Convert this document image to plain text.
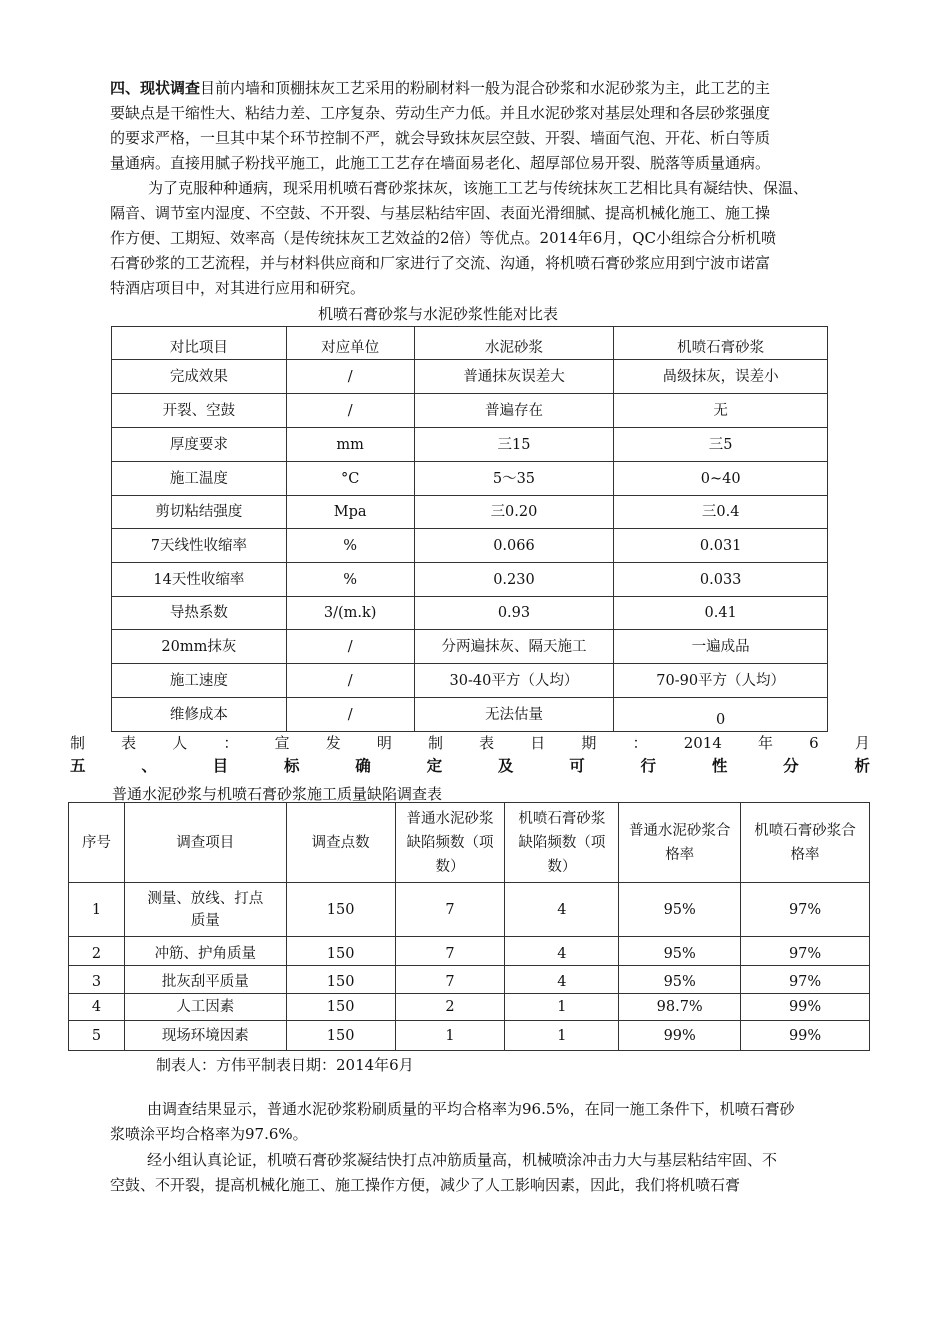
四、现状调查目前内墙和顶棚抹灰工艺采用的粉刷材料一般为混合砂浆和水泥砂浆为主，此工艺的主
要缺点是干缩性大、粘结力差、工序复杂、劳动生产力低。并且水泥砂浆对基层处理和各层砂浆强度
的要求严格，一旦其中某个环节控制不严，就会导致抹灰层空鼓、开裂、墙面气泡、开花、析白等质
量通病。直接用腻子粉找平施工，此施工工艺存在墙面易老化、超厚部位易开裂、脱落等质量通病。
为了克服种种通病，现采用机喷石膏砂浆抹灰，该施工工艺与传统抹灰工艺相比具有凝结快、保温、
隔音、调节室内湿度、不空鼓、不开裂、与基层粘结牢固、表面光滑细腻、提高机械化施工、施工操
作方便、工期短、效率高（是传统抹灰工艺效益的2倍）等优点。2014年6月，QC小组综合分析机喷
石膏砂浆的工艺流程，并与材料供应商和厂家进行了交流、沟通，将机喷石膏砂浆应用到宁波市诺富
特酒店项目中，对其进行应用和研究。
机喷石膏砂浆与水泥砂浆性能对比表
对比项目	对应单位	水泥砂浆	机喷石膏砂浆
完成效果	/	普通抹灰误差大	咼级抹灰，误差小
开裂、空鼓	/	普遍存在	无
厚度要求	mm	三15	三5
施工温度	°C	5〜35	0~40
剪切粘结强度	Mpa	三0.20	三0.4
7天线性收缩率	%	0.066	0.031
14天性收缩率	%	0.230	0.033
导热系数	3/(m.k)	0.93	0.41
20mm抹灰	/	分两遍抹灰、隔天施工	一遍成品
施工速度	/	30-40平方（人均）	70-90平方（人均）
维修成本	/	无法估量	0
制 表 人 ： 宣 发 明 制 表 日 期 ： 2014 年 6 月
五	、	目	标	确	定	及	可	行	性	分	析
普通水泥砂浆与机喷石膏砂浆施工质量缺陷调查表
序号	调查项目	调查点数	普通水泥砂浆缺陷频数（项数）	机喷石膏砂浆缺陷频数（项数）	普通水泥砂浆合格率	机喷石膏砂浆合格率
1	测量、放线、打点质量	150	7	4	95%	97%
2	冲筋、护角质量	150	7	4	95%	97%
3	批灰刮平质量	150	7	4	95%	97%
4	人工因素	150	2	1	98.7%	99%
5	现场环境因素	150	1	1	99%	99%
制表人：方伟平制表日期：2014年6月
由调查结果显示，普通水泥砂浆粉刷质量的平均合格率为96.5%，在同一施工条件下，机喷石膏砂
浆喷涂平均合格率为97.6%。
经小组认真论证，机喷石膏砂浆凝结快打点冲筋质量高，机械喷涂冲击力大与基层粘结牢固、不
空鼓、不开裂，提高机械化施工、施工操作方便，减少了人工影响因素，因此，我们将机喷石膏
